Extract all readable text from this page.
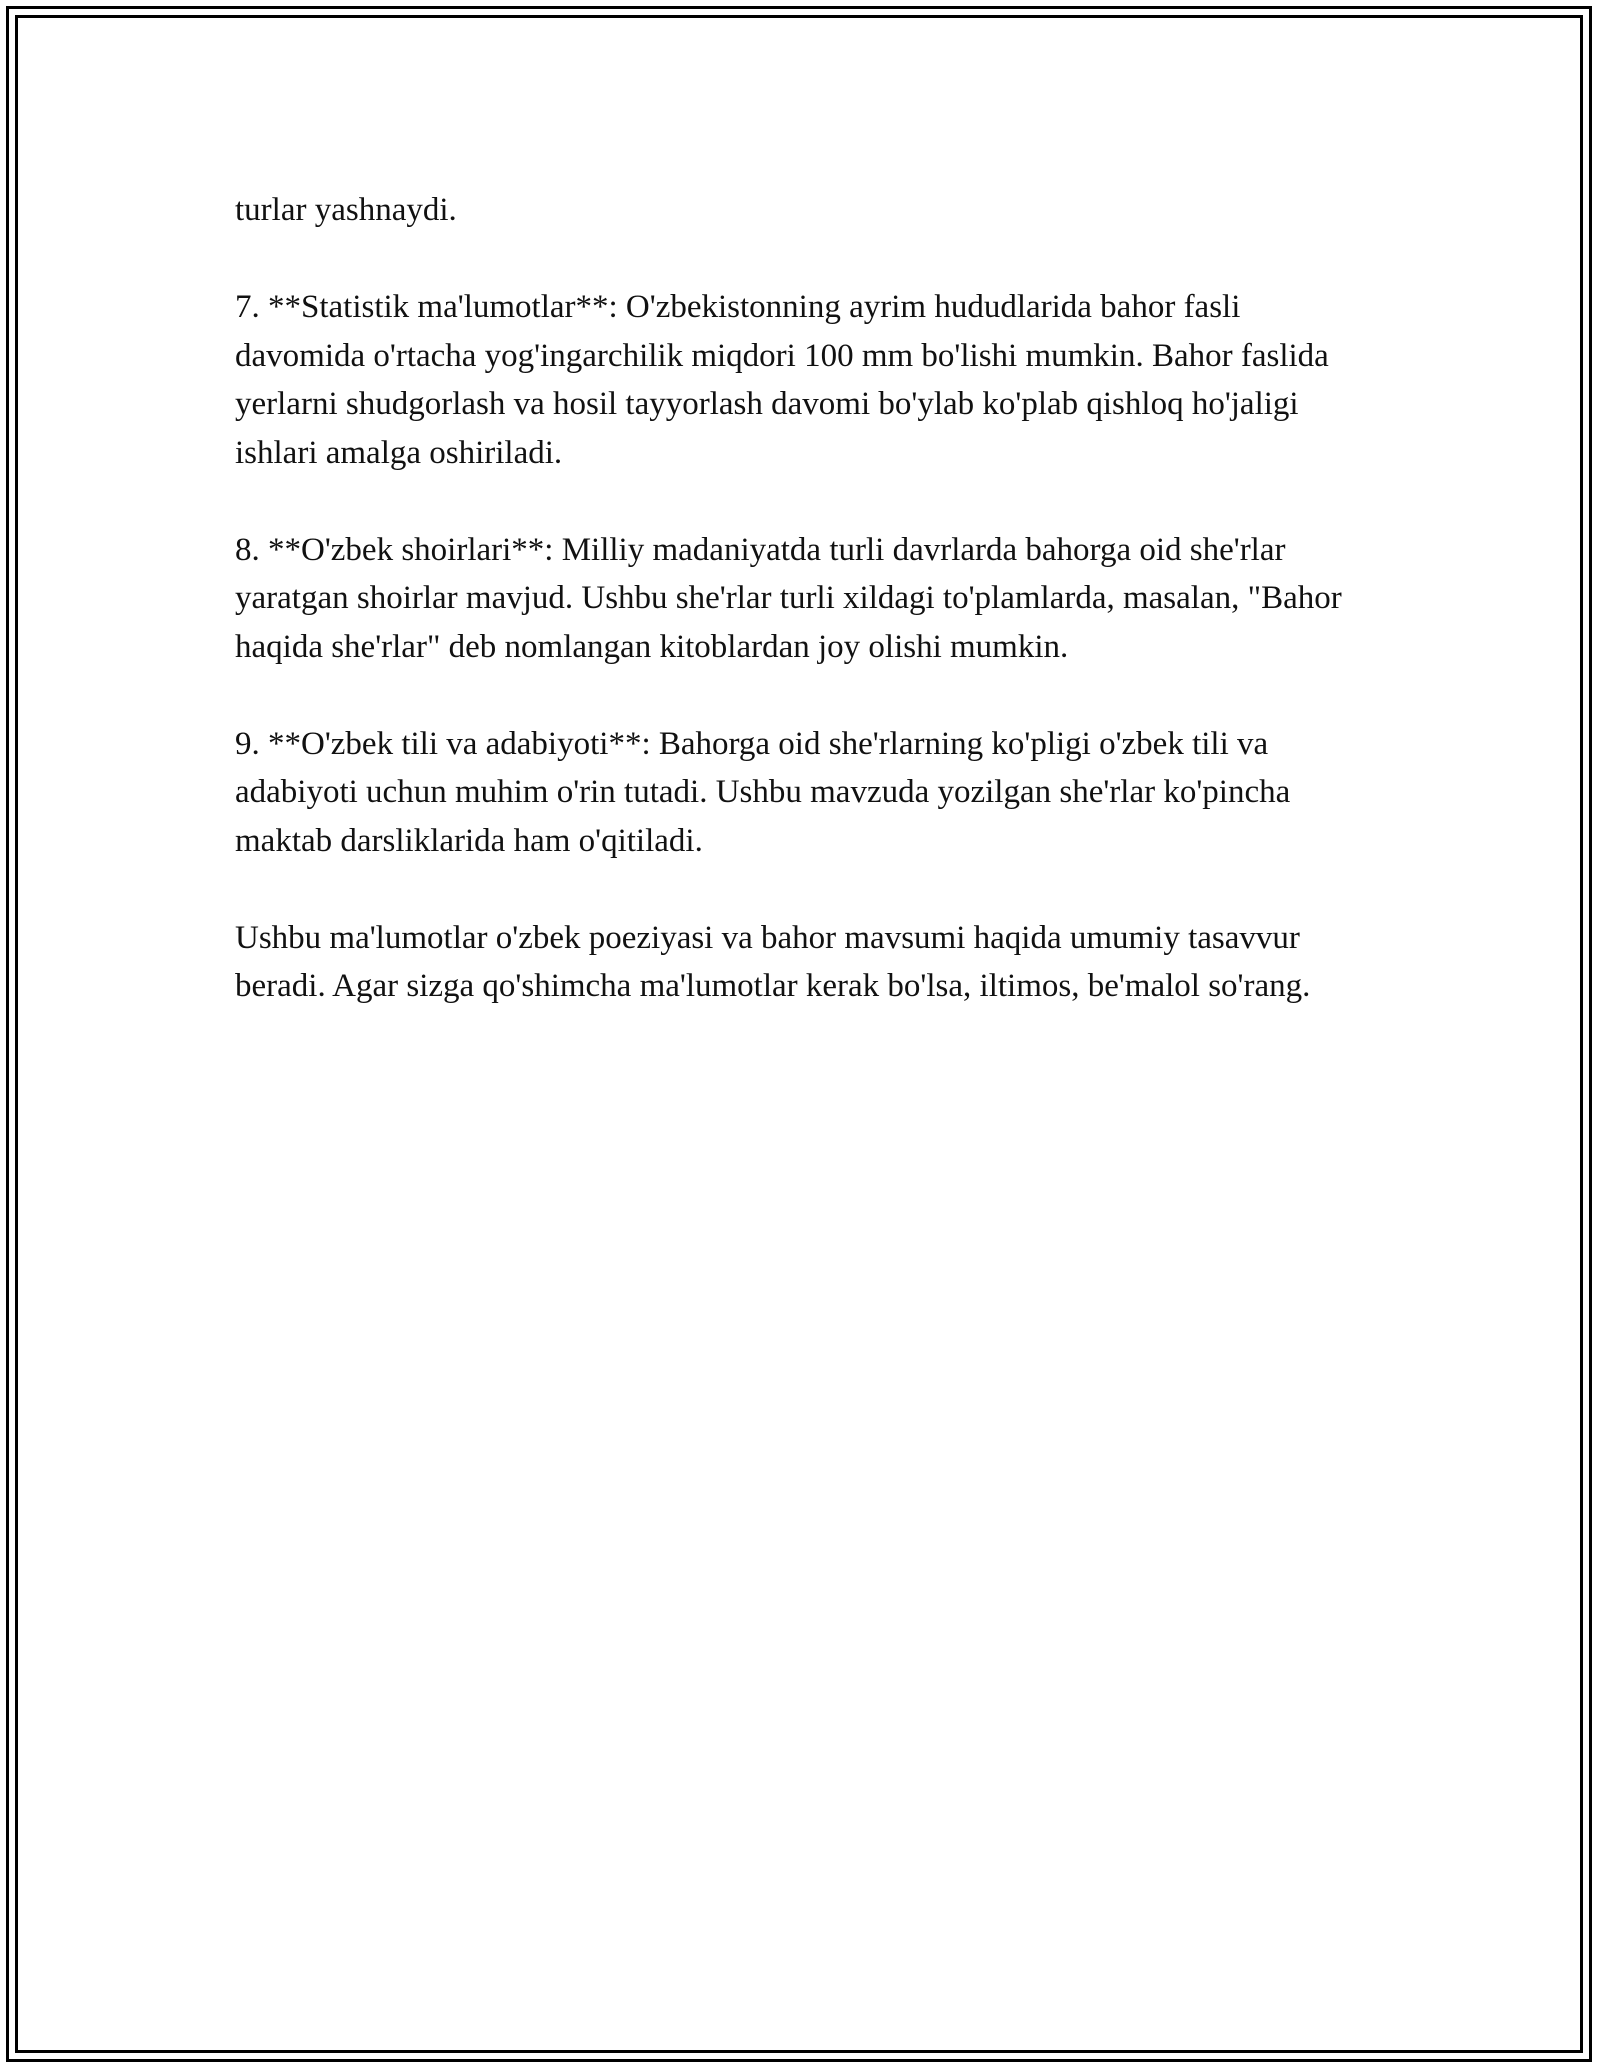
turlar yashnaydi.

7. **Statistik ma'lumotlar**: O'zbekistonning ayrim hududlarida bahor fasli davomida o'rtacha yog'ingarchilik miqdori 100 mm bo'lishi mumkin. Bahor faslida yerlarni shudgorlash va hosil tayyorlash davomi bo'ylab ko'plab qishloq ho'jaligi ishlari amalga oshiriladi.

8. **O'zbek shoirlari**: Milliy madaniyatda turli davrlarda bahorga oid she'rlar yaratgan shoirlar mavjud. Ushbu she'rlar turli xildagi to'plamlarda, masalan, "Bahor haqida she'rlar" deb nomlangan kitoblardan joy olishi mumkin.

9. **O'zbek tili va adabiyoti**: Bahorga oid she'rlarning ko'pligi o'zbek tili va adabiyoti uchun muhim o'rin tutadi. Ushbu mavzuda yozilgan she'rlar ko'pincha maktab darsliklarida ham o'qitiladi.

Ushbu ma'lumotlar o'zbek poeziyasi va bahor mavsumi haqida umumiy tasavvur beradi. Agar sizga qo'shimcha ma'lumotlar kerak bo'lsa, iltimos, be'malol so'rang.
